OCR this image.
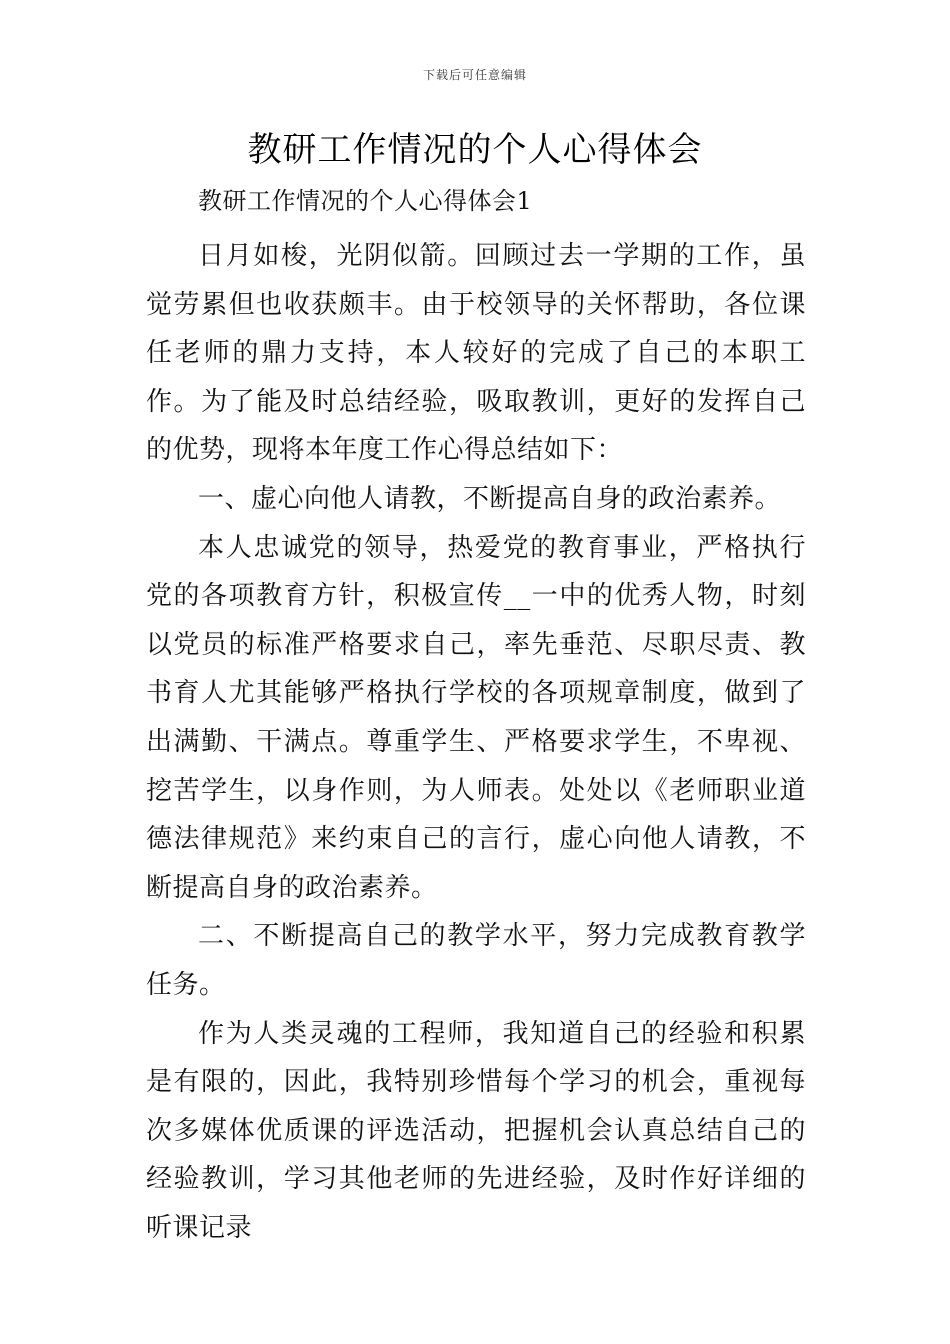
下载后可任意编辑
教研工作情况的个人心得体会

教研工作情况的个人心得体会1

日月如梭，光阴似箭。回顾过去一学期的工作，虽觉劳累但也收获颇丰。由于校领导的关怀帮助，各位课任老师的鼎力支持，本人较好的完成了自己的本职工作。为了能及时总结经验，吸取教训，更好的发挥自己的优势，现将本年度工作心得总结如下：

一、虚心向他人请教，不断提高自身的政治素养。

本人忠诚党的领导，热爱党的教育事业，严格执行党的各项教育方针，积极宣传__一中的优秀人物，时刻以党员的标准严格要求自己，率先垂范、尽职尽责、教书育人尤其能够严格执行学校的各项规章制度，做到了出满勤、干满点。尊重学生、严格要求学生，不卑视、挖苦学生，以身作则，为人师表。处处以《老师职业道德法律规范》来约束自己的言行，虚心向他人请教，不断提高自身的政治素养。

二、不断提高自己的教学水平，努力完成教育教学任务。

作为人类灵魂的工程师，我知道自己的经验和积累是有限的，因此，我特别珍惜每个学习的机会，重视每次多媒体优质课的评选活动，把握机会认真总结自己的经验教训，学习其他老师的先进经验，及时作好详细的听课记录
